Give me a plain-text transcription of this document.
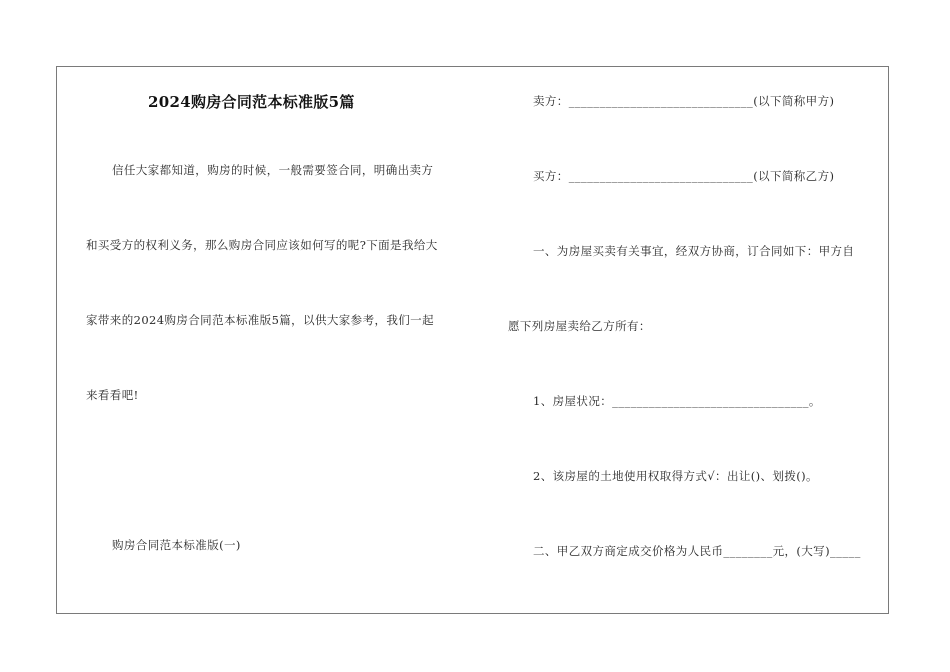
2024购房合同范本标准版5篇
信任大家都知道，购房的时候，一般需要签合同，明确出卖方
和买受方的权利义务，那么购房合同应该如何写的呢?下面是我给大
家带来的2024购房合同范本标准版5篇，以供大家参考，我们一起
来看看吧!
购房合同范本标准版(一)
卖方：______________________________(以下简称甲方)
买方：______________________________(以下简称乙方)
一、为房屋买卖有关事宜，经双方协商，订合同如下：甲方自
愿下列房屋卖给乙方所有：
1、房屋状况：________________________________。
2、该房屋的土地使用权取得方式√：出让()、划拨()。
二、甲乙双方商定成交价格为人民币________元，(大写)_____
